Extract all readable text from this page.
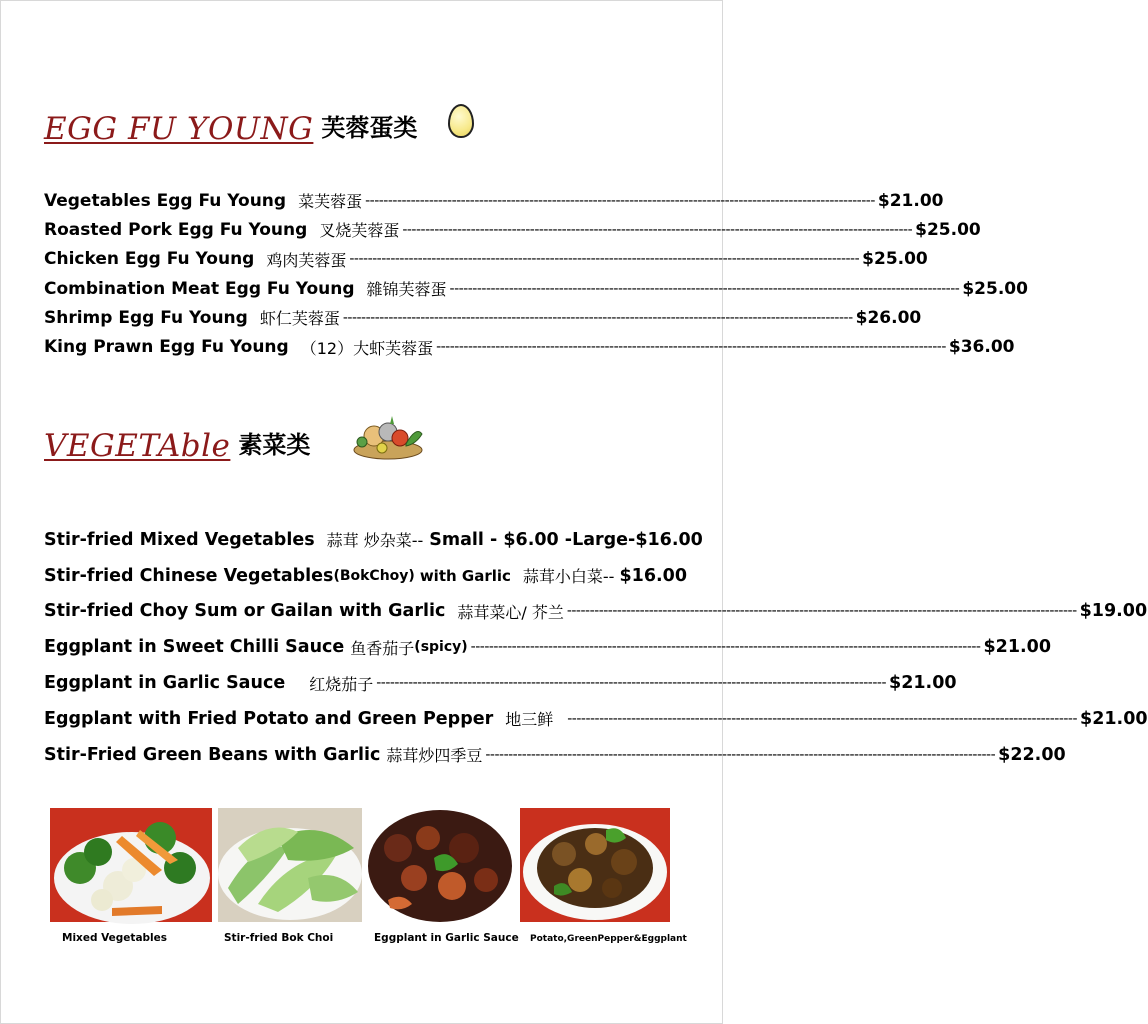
EGG FU YOUNG 芙蓉蛋类
Vegetables Egg Fu Young 菜芙蓉蛋 -----	$21.00
Roasted Pork Egg Fu Young 叉烧芙蓉蛋 -----	$25.00
Chicken Egg Fu Young 鸡肉芙蓉蛋 -----	$25.00
Combination Meat Egg Fu Young 雜锦芙蓉蛋 -----	$25.00
Shrimp Egg Fu Young 虾仁芙蓉蛋 -----	$26.00
King Prawn Egg Fu Young （12）大虾芙蓉蛋 -----	$36.00
VEGETAble 素菜类
Stir-fried Mixed Vegetables 蒜茸 炒杂菜-- Small - $6.00 -Large- $16.00
Stir-fried Chinese Vegetables (BokChoy) with Garlic 蒜茸小白菜-- $16.00
Stir-fried Choy Sum or Gailan with Garlic 蒜茸菜心/ 芥兰 -----	$19.00
Eggplant in Sweet Chilli Sauce 鱼香茄子 (spicy) -----	$21.00
Eggplant in Garlic Sauce 红烧茄子 -----	$21.00
Eggplant with Fried Potato and Green Pepper 地三鲜 -----	$21.00
Stir-Fried Green Beans with Garlic 蒜茸炒四季豆 -----	$22.00
Mixed Vegetables	Stir-fried Bok Choi	Eggplant in Garlic Sauce Potato,GreenPepper&Eggplant
